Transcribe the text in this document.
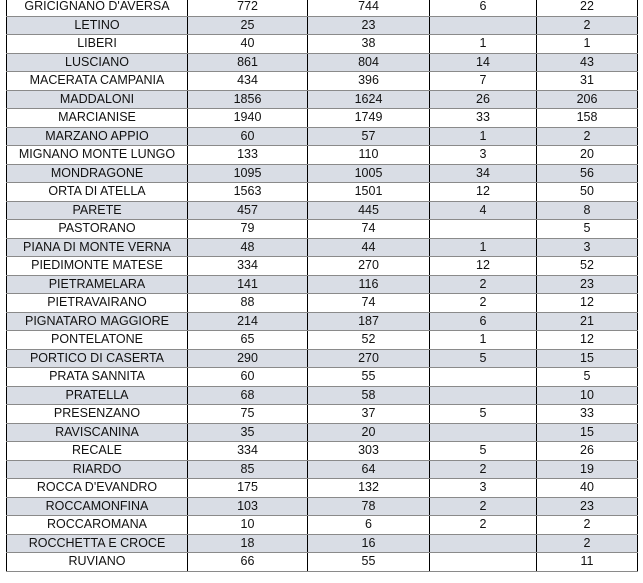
GRICIGNANO D'AVERSA	772	744	6	22
LETINO	25	23		2
LIBERI	40	38	1	1
LUSCIANO	861	804	14	43
MACERATA CAMPANIA	434	396	7	31
MADDALONI	1856	1624	26	206
MARCIANISE	1940	1749	33	158
MARZANO APPIO	60	57	1	2
MIGNANO MONTE LUNGO	133	110	3	20
MONDRAGONE	1095	1005	34	56
ORTA DI ATELLA	1563	1501	12	50
PARETE	457	445	4	8
PASTORANO	79	74		5
PIANA DI MONTE VERNA	48	44	1	3
PIEDIMONTE MATESE	334	270	12	52
PIETRAMELARA	141	116	2	23
PIETRAVAIRANO	88	74	2	12
PIGNATARO MAGGIORE	214	187	6	21
PONTELATONE	65	52	1	12
PORTICO DI CASERTA	290	270	5	15
PRATA SANNITA	60	55		5
PRATELLA	68	58		10
PRESENZANO	75	37	5	33
RAVISCANINA	35	20		15
RECALE	334	303	5	26
RIARDO	85	64	2	19
ROCCA D'EVANDRO	175	132	3	40
ROCCAMONFINA	103	78	2	23
ROCCAROMANA	10	6	2	2
ROCCHETTA E CROCE	18	16		2
RUVIANO	66	55		11
